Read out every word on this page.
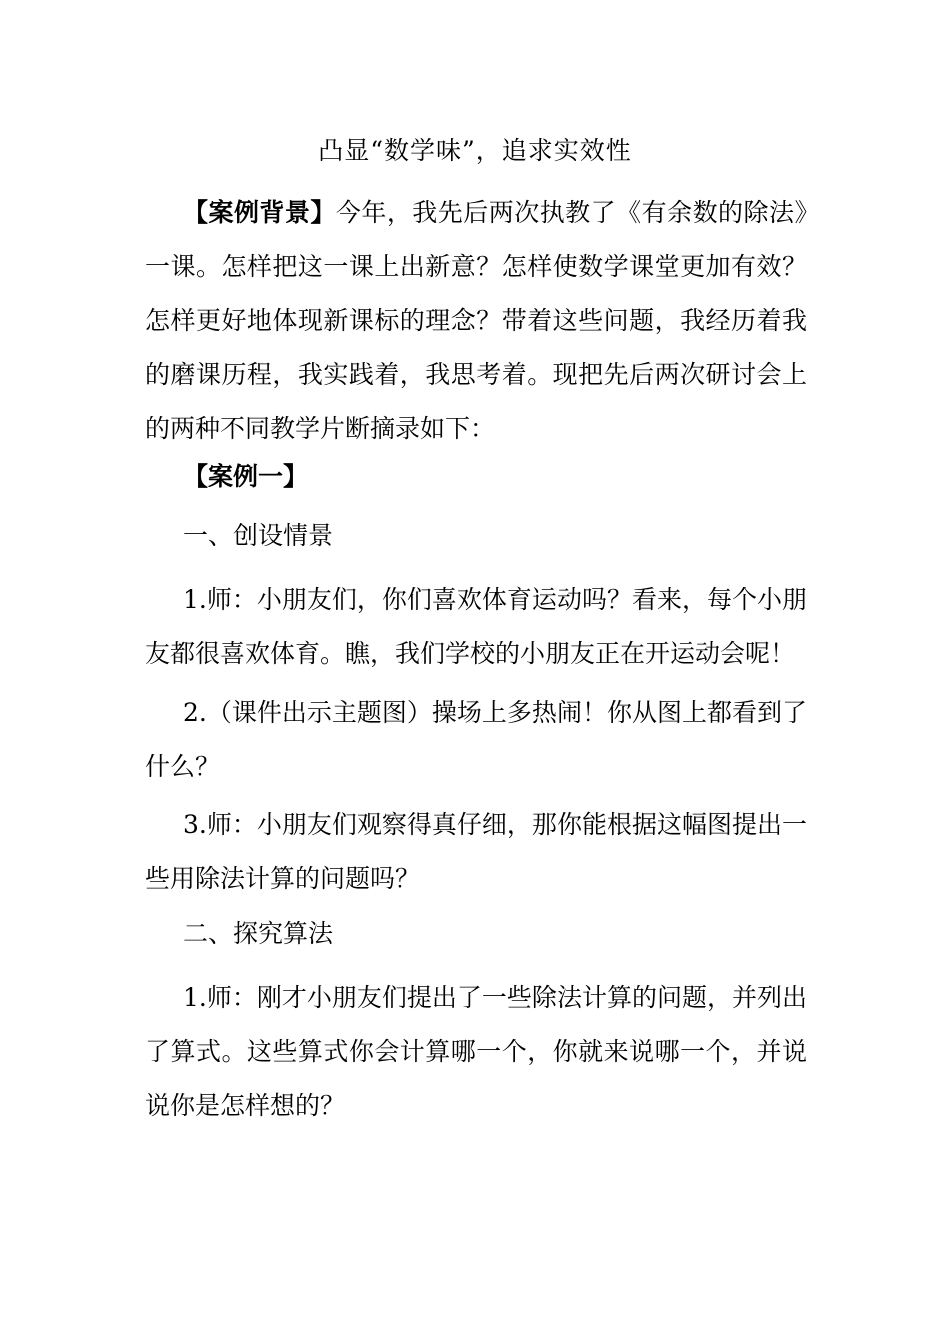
凸显“数学味”，追求实效性
【案例背景】今年，我先后两次执教了《有余数的除法》一课。怎样把这一课上出新意？怎样使数学课堂更加有效？怎样更好地体现新课标的理念？带着这些问题，我经历着我的磨课历程，我实践着，我思考着。现把先后两次研讨会上的两种不同教学片断摘录如下：
【案例一】
一、创设情景
1.师：小朋友们，你们喜欢体育运动吗？看来，每个小朋友都很喜欢体育。瞧，我们学校的小朋友正在开运动会呢！
2.（课件出示主题图）操场上多热闹！你从图上都看到了什么？
3.师：小朋友们观察得真仔细，那你能根据这幅图提出一些用除法计算的问题吗？
二、探究算法
1.师：刚才小朋友们提出了一些除法计算的问题，并列出了算式。这些算式你会计算哪一个，你就来说哪一个，并说说你是怎样想的？
